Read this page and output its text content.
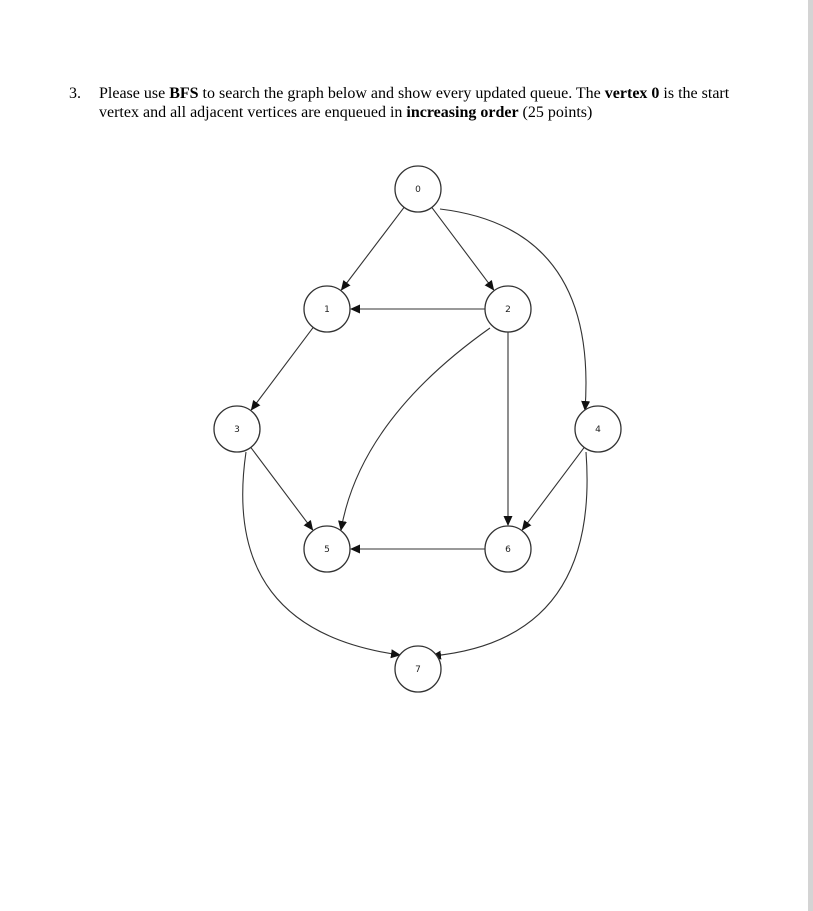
3. Please use BFS to search the graph below and show every updated queue. The vertex 0 is the start vertex and all adjacent vertices are enqueued in increasing order (25 points)
0
1	2
3	4
5	6
7
